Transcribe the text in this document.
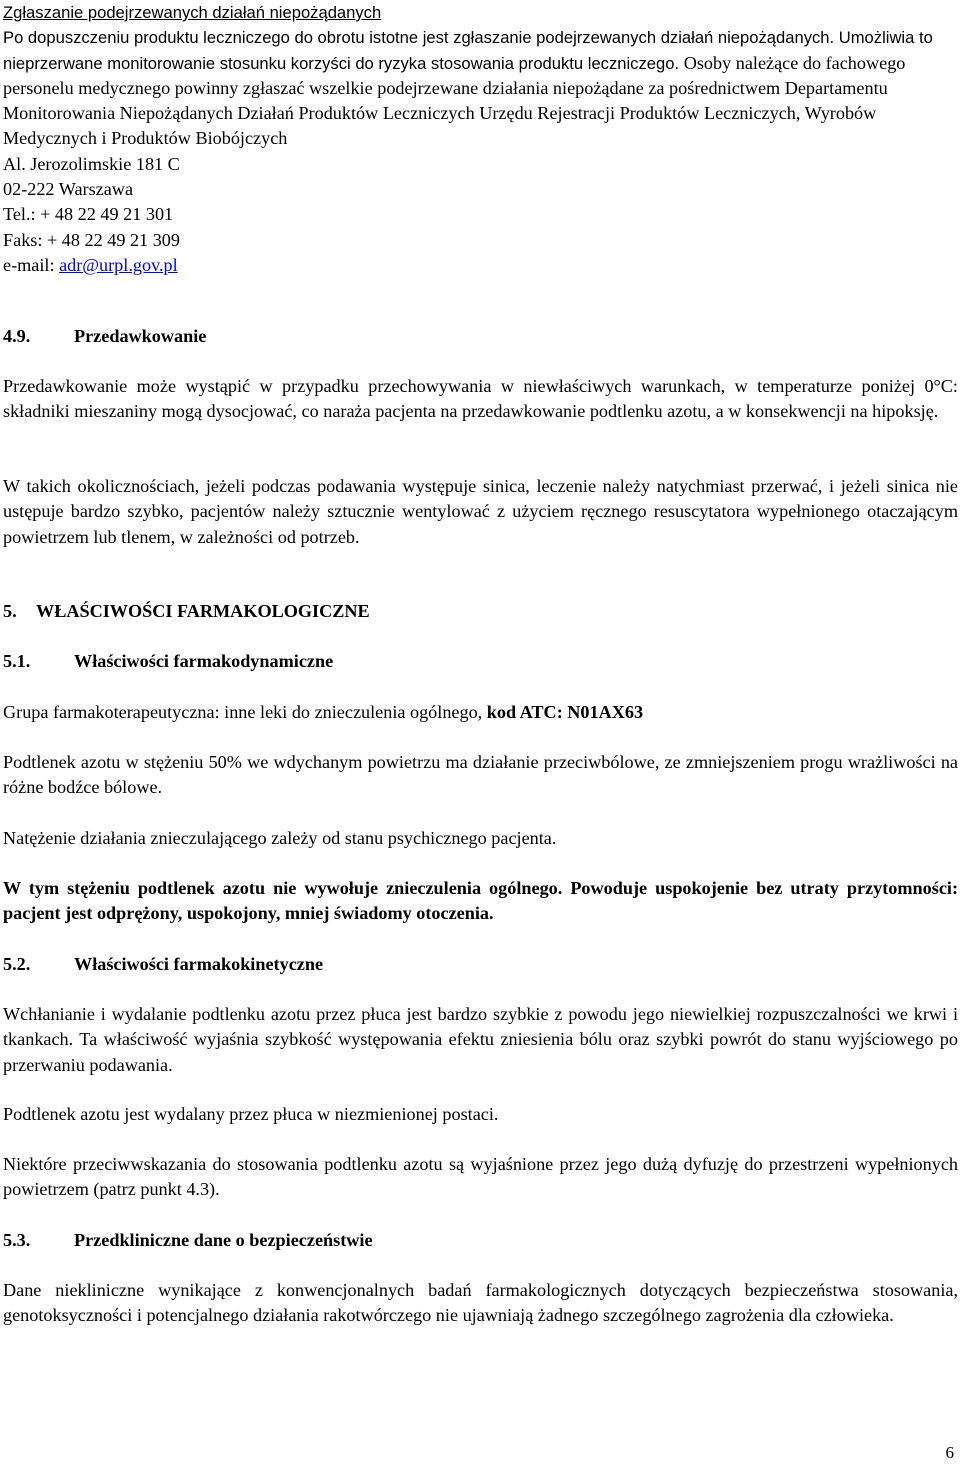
Zgłaszanie podejrzewanych działań niepożądanych
Po dopuszczeniu produktu leczniczego do obrotu istotne jest zgłaszanie podejrzewanych działań niepożądanych. Umożliwia to nieprzerwane monitorowanie stosunku korzyści do ryzyka stosowania produktu leczniczego. Osoby należące do fachowego personelu medycznego powinny zgłaszać wszelkie podejrzewane działania niepożądane za pośrednictwem Departamentu Monitorowania Niepożądanych Działań Produktów Leczniczych Urzędu Rejestracji Produktów Leczniczych, Wyrobów Medycznych i Produktów Biobójczych
Al. Jerozolimskie 181 C
02-222 Warszawa
Tel.: + 48 22 49 21 301
Faks: + 48 22 49 21 309
e-mail: adr@urpl.gov.pl
4.9. Przedawkowanie
Przedawkowanie może wystąpić w przypadku przechowywania w niewłaściwych warunkach, w temperaturze poniżej 0°C: składniki mieszaniny mogą dysocjować, co naraża pacjenta na przedawkowanie podtlenku azotu, a w konsekwencji na hipoksję.
W takich okolicznościach, jeżeli podczas podawania występuje sinica, leczenie należy natychmiast przerwać, i jeżeli sinica nie ustępuje bardzo szybko, pacjentów należy sztucznie wentylować z użyciem ręcznego resuscytatora wypełnionego otaczającym powietrzem lub tlenem, w zależności od potrzeb.
5. WŁAŚCIWOŚCI FARMAKOLOGICZNE
5.1. Właściwości farmakodynamiczne
Grupa farmakoterapeutyczna: inne leki do znieczulenia ogólnego, kod ATC: N01AX63
Podtlenek azotu w stężeniu 50% we wdychanym powietrzu ma działanie przeciwbólowe, ze zmniejszeniem progu wrażliwości na różne bodźce bólowe.
Natężenie działania znieczulającego zależy od stanu psychicznego pacjenta.
W tym stężeniu podtlenek azotu nie wywołuje znieczulenia ogólnego. Powoduje uspokojenie bez utraty przytomności: pacjent jest odprężony, uspokojony, mniej świadomy otoczenia.
5.2. Właściwości farmakokinetyczne
Wchłanianie i wydalanie podtlenku azotu przez płuca jest bardzo szybkie z powodu jego niewielkiej rozpuszczalności we krwi i tkankach. Ta właściwość wyjaśnia szybkość występowania efektu zniesienia bólu oraz szybki powrót do stanu wyjściowego po przerwaniu podawania.
Podtlenek azotu jest wydalany przez płuca w niezmienionej postaci.
Niektóre przeciwwskazania do stosowania podtlenku azotu są wyjaśnione przez jego dużą dyfuzję do przestrzeni wypełnionych powietrzem (patrz punkt 4.3).
5.3. Przedkliniczne dane o bezpieczeństwie
Dane niekliniczne wynikające z konwencjonalnych badań farmakologicznych dotyczących bezpieczeństwa stosowania, genotoksyczności i potencjalnego działania rakotwórczego nie ujawniają żadnego szczególnego zagrożenia dla człowieka.
6
